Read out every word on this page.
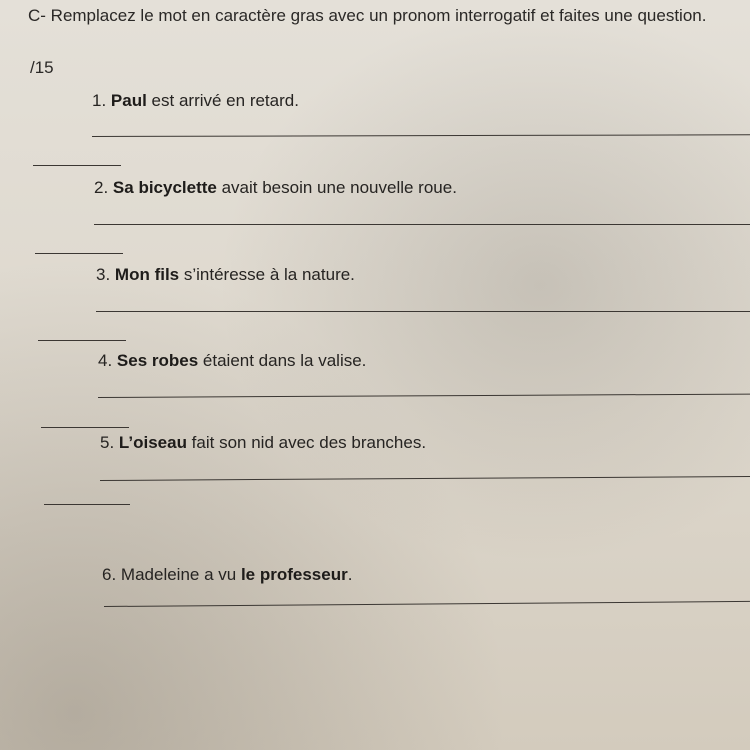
C- Remplacez le mot en caractère gras avec un pronom interrogatif et faites une question.
/15
1. Paul est arrivé en retard.
2. Sa bicyclette avait besoin une nouvelle roue.
3. Mon fils s’intéresse à la nature.
4. Ses robes étaient dans la valise.
5. L’oiseau fait son nid avec des branches.
6. Madeleine a vu le professeur.
